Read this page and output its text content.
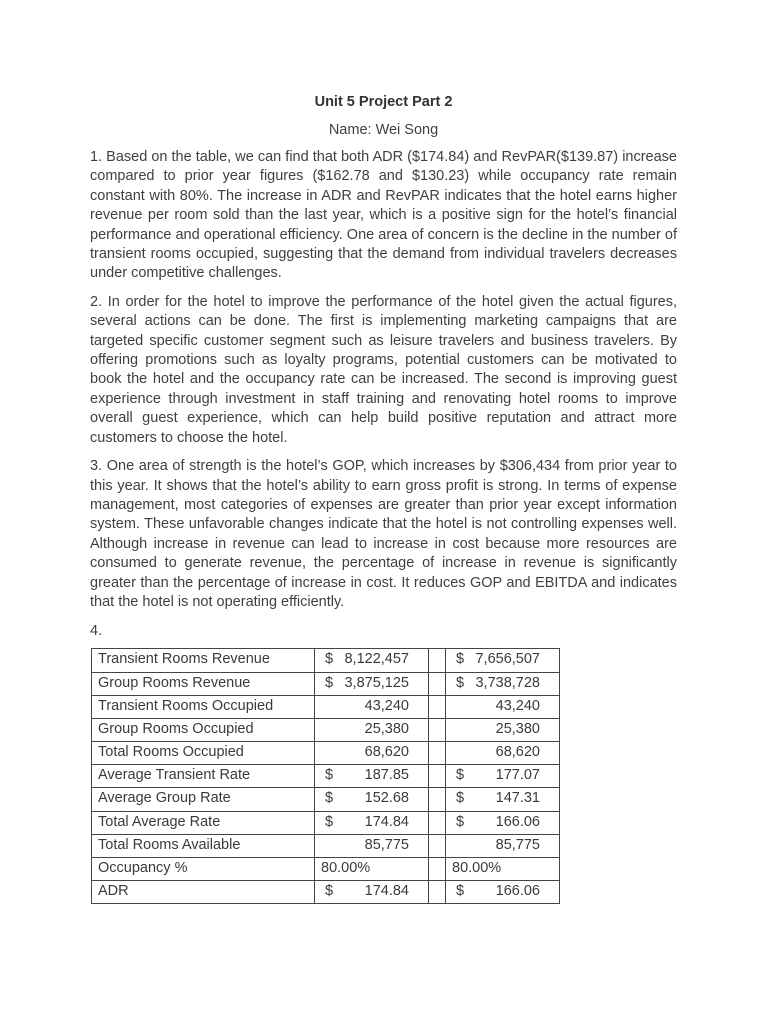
Unit 5 Project Part 2
Name: Wei Song

1. Based on the table, we can find that both ADR ($174.84) and RevPAR($139.87) increase compared to prior year figures ($162.78 and $130.23) while occupancy rate remain constant with 80%. The increase in ADR and RevPAR indicates that the hotel earns higher revenue per room sold than the last year, which is a positive sign for the hotel’s financial performance and operational efficiency. One area of concern is the decline in the number of transient rooms occupied, suggesting that the demand from individual travelers decreases under competitive challenges.

2. In order for the hotel to improve the performance of the hotel given the actual figures, several actions can be done. The first is implementing marketing campaigns that are targeted specific customer segment such as leisure travelers and business travelers. By offering promotions such as loyalty programs, potential customers can be motivated to book the hotel and the occupancy rate can be increased. The second is improving guest experience through investment in staff training and renovating hotel rooms to improve overall guest experience, which can help build positive reputation and attract more customers to choose the hotel.

3. One area of strength is the hotel’s GOP, which increases by $306,434 from prior year to this year. It shows that the hotel’s ability to earn gross profit is strong. In terms of expense management, most categories of expenses are greater than prior year except information system. These unfavorable changes indicate that the hotel is not controlling expenses well. Although increase in revenue can lead to increase in cost because more resources are consumed to generate revenue, the percentage of increase in revenue is significantly greater than the percentage of increase in cost. It reduces GOP and EBITDA and indicates that the hotel is not operating efficiently.

4.

Transient Rooms Revenue	$ 8,122,457		$ 7,656,507

Group Rooms Revenue	$ 3,875,125		$ 3,738,728

Transient Rooms Occupied	43,240		43,240

Group Rooms Occupied	25,380		25,380

Total Rooms Occupied	68,620		68,620

Average Transient Rate	$ 187.85		$ 177.07

Average Group Rate	$ 152.68		$ 147.31

Total Average Rate	$ 174.84		$ 166.06

Total Rooms Available	85,775		85,775

Occupancy %	80.00%		80.00%

ADR	$ 174.84		$ 166.06
